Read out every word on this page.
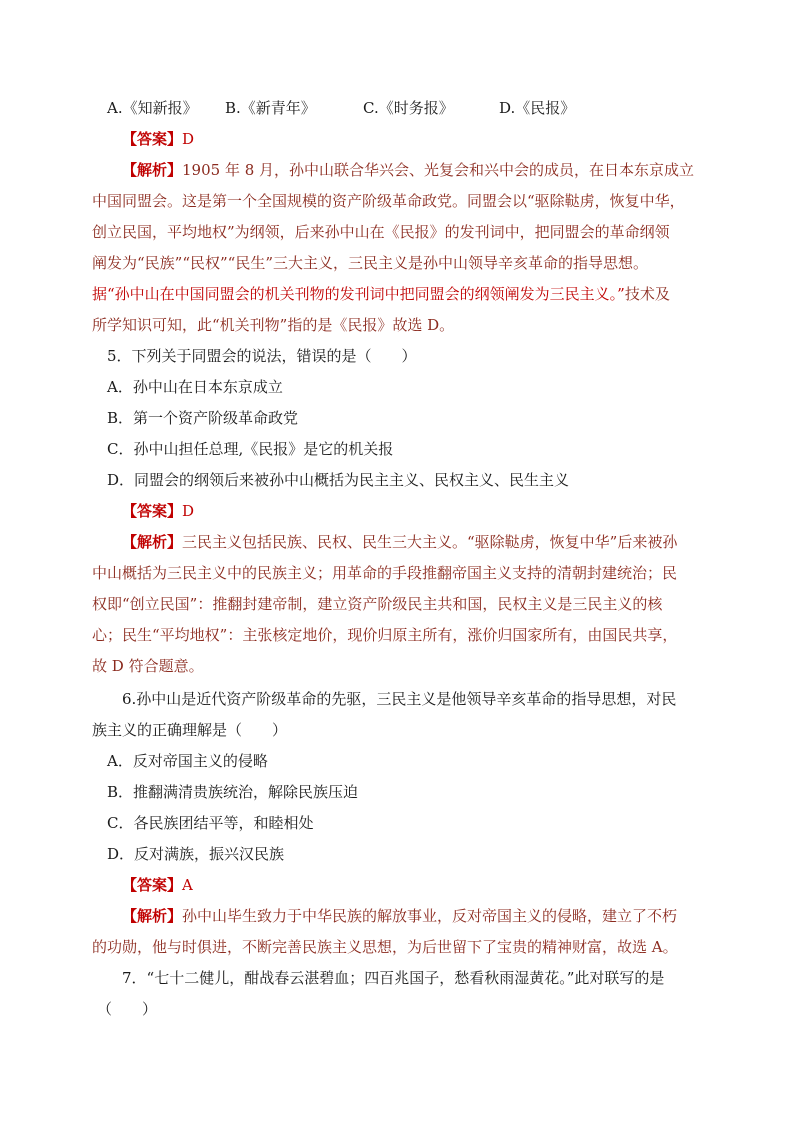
A.《知新报》 B.《新青年》	C.《时务报》	D.《民报》
【答案】D
【解析】1905 年 8 月，孙中山联合华兴会、光复会和兴中会的成员，在日本东京成立
中国同盟会。这是第一个全国规模的资产阶级革命政党。同盟会以“驱除鞑虏，恢复中华，
创立民国，平均地权”为纲领，后来孙中山在《民报》的发刊词中，把同盟会的革命纲领
阐发为“民族”“民权”“民生”三大主义，三民主义是孙中山领导辛亥革命的指导思想。
据“孙中山在中国同盟会的机关刊物的发刊词中把同盟会的纲领阐发为三民主义。”技术及
所学知识可知，此“机关刊物”指的是《民报》故选 D。
5．下列关于同盟会的说法，错误的是（　　）
A．孙中山在日本东京成立
B．第一个资产阶级革命政党
C．孙中山担任总理,《民报》是它的机关报
D．同盟会的纲领后来被孙中山概括为民主主义、民权主义、民生主义
【答案】D
【解析】三民主义包括民族、民权、民生三大主义。“驱除鞑虏，恢复中华”后来被孙
中山概括为三民主义中的民族主义；用革命的手段推翻帝国主义支持的清朝封建统治；民
权即“创立民国”：推翻封建帝制，建立资产阶级民主共和国，民权主义是三民主义的核
心；民生“平均地权”：主张核定地价，现价归原主所有，涨价归国家所有，由国民共享，
故 D 符合题意。
6.孙中山是近代资产阶级革命的先驱，三民主义是他领导辛亥革命的指导思想，对民
族主义的正确理解是（　　）
A．反对帝国主义的侵略
B．推翻满清贵族统治，解除民族压迫
C．各民族团结平等，和睦相处
D．反对满族，振兴汉民族
【答案】A
【解析】孙中山毕生致力于中华民族的解放事业，反对帝国主义的侵略，建立了不朽
的功勋，他与时俱进，不断完善民族主义思想，为后世留下了宝贵的精神财富，故选 A。
7．“七十二健儿，酣战春云湛碧血；四百兆国子，愁看秋雨湿黄花。”此对联写的是
（　　）
